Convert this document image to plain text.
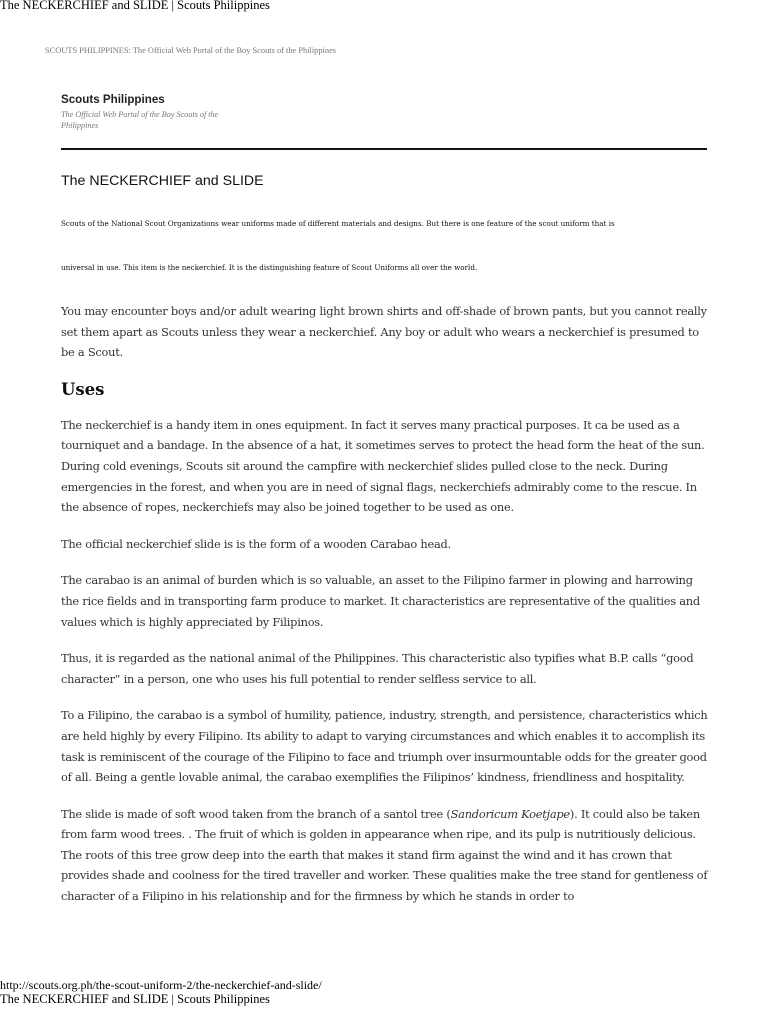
The NECKERCHIEF and SLIDE | Scouts Philippines
SCOUTS PHILIPPINES: The Official Web Portal of the Boy Scouts of the Philippines
Scouts Philippines
The Official Web Portal of the Boy Scouts of the Philippines
The NECKERCHIEF and SLIDE
Scouts of the National Scout Organizations wear uniforms made of different materials and designs. But there is one feature of the scout uniform that is
universal in use. This item is the neckerchief. It is the distinguishing feature of Scout Uniforms all over the world.

You may encounter boys and/or adult wearing light brown shirts and off-shade of brown pants, but you cannot really set them apart as Scouts unless they wear a neckerchief. Any boy or adult who wears a neckerchief is presumed to be a Scout.

Uses

The neckerchief is a handy item in ones equipment. In fact it serves many practical purposes. It ca be used as a tourniquet and a bandage. In the absence of a hat, it sometimes serves to protect the head form the heat of the sun. During cold evenings, Scouts sit around the campfire with neckerchief slides pulled close to the neck. During emergencies in the forest, and when you are in need of signal flags, neckerchiefs admirably come to the rescue. In the absence of ropes, neckerchiefs may also be joined together to be used as one.

The official neckerchief slide is is the form of a wooden Carabao head.

The carabao is an animal of burden which is so valuable, an asset to the Filipino farmer in plowing and harrowing the rice fields and in transporting farm produce to market. It characteristics are representative of the qualities and values which is highly appreciated by Filipinos.

Thus, it is regarded as the national animal of the Philippines. This characteristic also typifies what B.P. calls “good character” in a person, one who uses his full potential to render selfless service to all.

To a Filipino, the carabao is a symbol of humility, patience, industry, strength, and persistence, characteristics which are held highly by every Filipino. Its ability to adapt to varying circumstances and which enables it to accomplish its task is reminiscent of the courage of the Filipino to face and triumph over insurmountable odds for the greater good of all. Being a gentle lovable animal, the carabao exemplifies the Filipinos’ kindness, friendliness and hospitality.

The slide is made of soft wood taken from the branch of a santol tree (Sandoricum Koetjape). It could also be taken from farm wood trees. . The fruit of which is golden in appearance when ripe, and its pulp is nutritiously delicious. The roots of this tree grow deep into the earth that makes it stand firm against the wind and it has crown that provides shade and coolness for the tired traveller and worker. These qualities make the tree stand for gentleness of character of a Filipino in his relationship and for the firmness by which he stands in order to

http://scouts.org.ph/the-scout-uniform-2/the-neckerchief-and-slide/
The NECKERCHIEF and SLIDE | Scouts Philippines
